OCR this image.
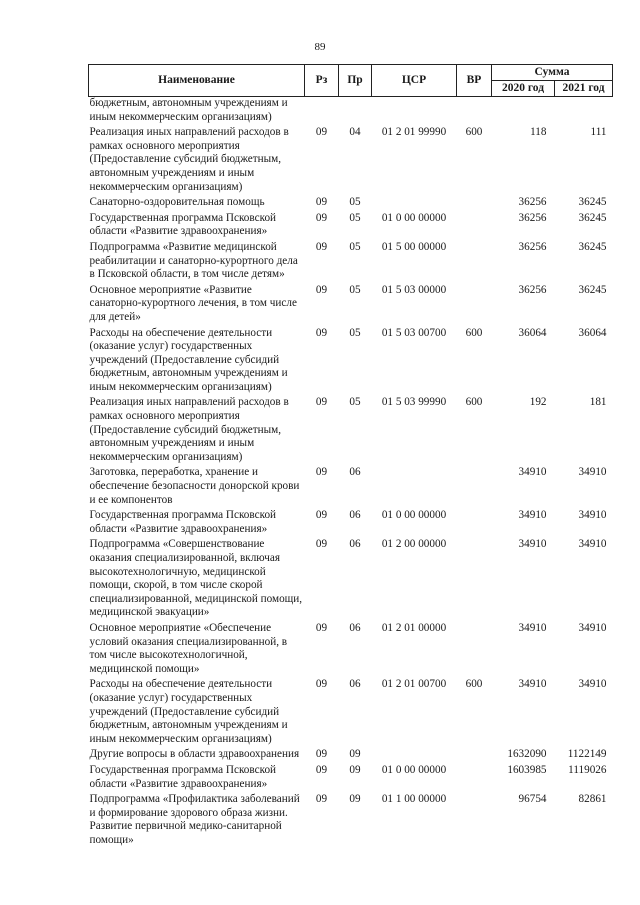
89
Наименование	Рз	Пр	ЦСР	ВР	Сумма	
					2020 год	2021 год
бюджетным, автономным учреждениям и иным некоммерческим организациям)						
Реализация иных направлений расходов в рамках основного мероприятия (Предоставление субсидий бюджетным, автономным учреждениям и иным некоммерческим организациям)	09	04	01 2 01 99990	600	118	111
Санаторно-оздоровительная помощь	09	05			36256	36245
Государственная программа Псковской области «Развитие здравоохранения»	09	05	01 0 00 00000		36256	36245
Подпрограмма «Развитие медицинской реабилитации и санаторно-курортного дела в Псковской области, в том числе детям»	09	05	01 5 00 00000		36256	36245
Основное мероприятие «Развитие санаторно-курортного лечения, в том числе для детей»	09	05	01 5 03 00000		36256	36245
Расходы на обеспечение деятельности (оказание услуг) государственных учреждений (Предоставление субсидий бюджетным, автономным учреждениям и иным некоммерческим организациям)	09	05	01 5 03 00700	600	36064	36064
Реализация иных направлений расходов в рамках основного мероприятия (Предоставление субсидий бюджетным, автономным учреждениям и иным некоммерческим организациям)	09	05	01 5 03 99990	600	192	181
Заготовка, переработка, хранение и обеспечение безопасности донорской крови и ее компонентов	09	06			34910	34910
Государственная программа Псковской области «Развитие здравоохранения»	09	06	01 0 00 00000		34910	34910
Подпрограмма «Совершенствование оказания специализированной, включая высокотехнологичную, медицинской помощи, скорой, в том числе скорой специализированной, медицинской помощи, медицинской эвакуации»	09	06	01 2 00 00000		34910	34910
Основное мероприятие «Обеспечение условий оказания специализированной, в том числе высокотехнологичной, медицинской помощи»	09	06	01 2 01 00000		34910	34910
Расходы на обеспечение деятельности (оказание услуг) государственных учреждений (Предоставление субсидий бюджетным, автономным учреждениям и иным некоммерческим организациям)	09	06	01 2 01 00700	600	34910	34910
Другие вопросы в области здравоохранения	09	09			1632090	1122149
Государственная программа Псковской области «Развитие здравоохранения»	09	09	01 0 00 00000		1603985	1119026
Подпрограмма «Профилактика заболеваний и формирование здорового образа жизни. Развитие первичной медико-санитарной помощи»	09	09	01 1 00 00000		96754	82861
